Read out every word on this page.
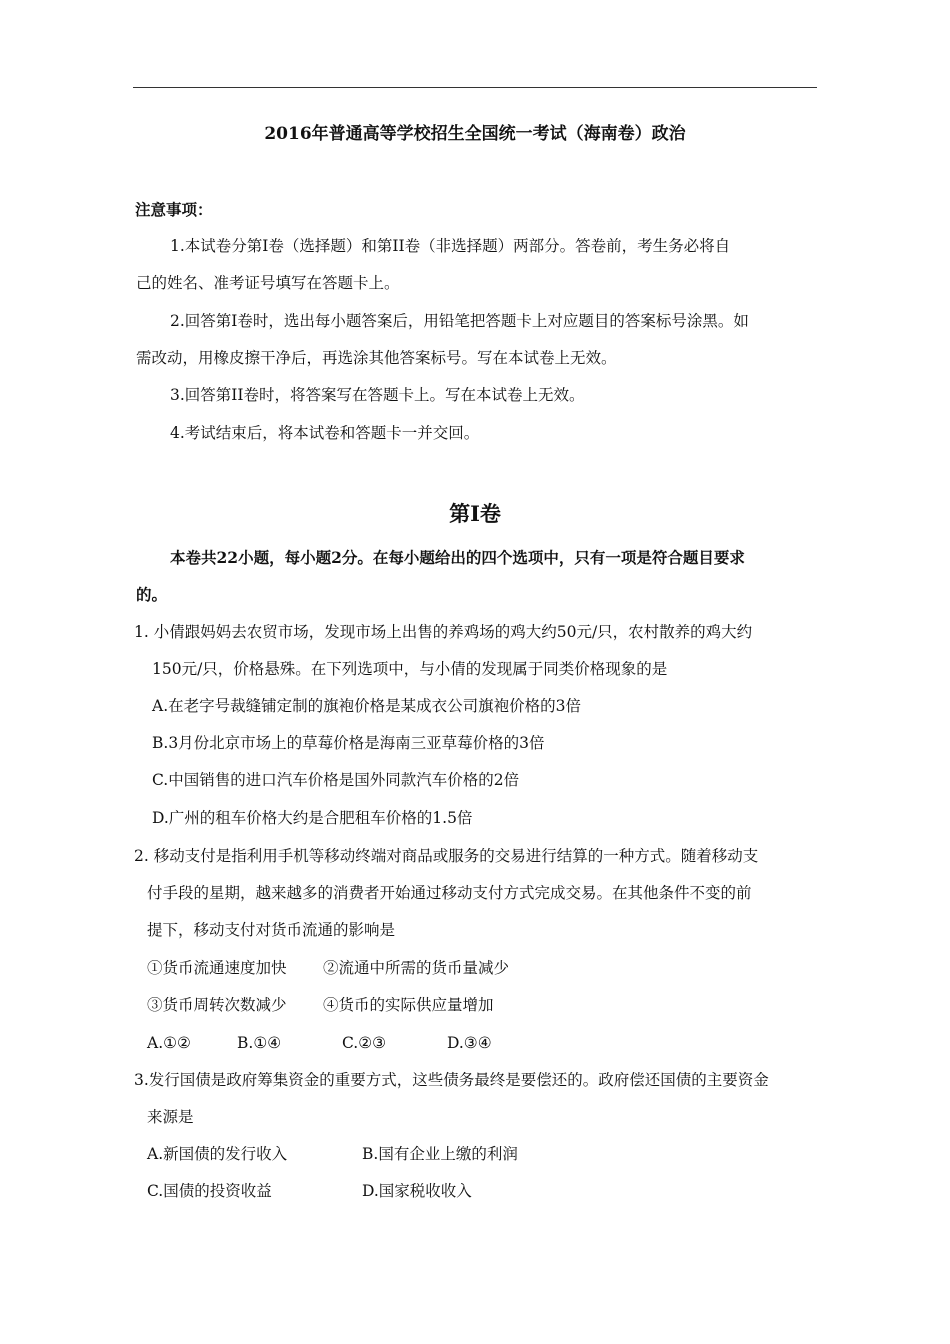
2016年普通高等学校招生全国统一考试（海南卷）政治
注意事项：
1.本试卷分第Ⅰ卷（选择题）和第II卷（非选择题）两部分。答卷前，考生务必将自
己的姓名、准考证号填写在答题卡上。
2.回答第Ⅰ卷时，选出每小题答案后，用铅笔把答题卡上对应题目的答案标号涂黑。如
需改动，用橡皮擦干净后，再选涂其他答案标号。写在本试卷上无效。
3.回答第II卷时，将答案写在答题卡上。写在本试卷上无效。
4.考试结束后，将本试卷和答题卡一并交回。
第Ⅰ卷
本卷共22小题，每小题2分。在每小题给出的四个选项中，只有一项是符合题目要求
的。
1. 小倩跟妈妈去农贸市场，发现市场上出售的养鸡场的鸡大约50元/只，农村散养的鸡大约
150元/只，价格悬殊。在下列选项中，与小倩的发现属于同类价格现象的是
A.在老字号裁缝铺定制的旗袍价格是某成衣公司旗袍价格的3倍
B.3月份北京市场上的草莓价格是海南三亚草莓价格的3倍
C.中国销售的进口汽车价格是国外同款汽车价格的2倍
D.广州的租车价格大约是合肥租车价格的1.5倍
2. 移动支付是指利用手机等移动终端对商品或服务的交易进行结算的一种方式。随着移动支
付手段的星期，越来越多的消费者开始通过移动支付方式完成交易。在其他条件不变的前
提下，移动支付对货币流通的影响是
①货币流通速度加快 ②流通中所需的货币量减少
③货币周转次数减少 ④货币的实际供应量增加
A.①②	B.①④	C.②③	D.③④
3.发行国债是政府筹集资金的重要方式，这些债务最终是要偿还的。政府偿还国债的主要资金
来源是
A.新国债的发行收入	B.国有企业上缴的利润
C.国债的投资收益	D.国家税收收入
